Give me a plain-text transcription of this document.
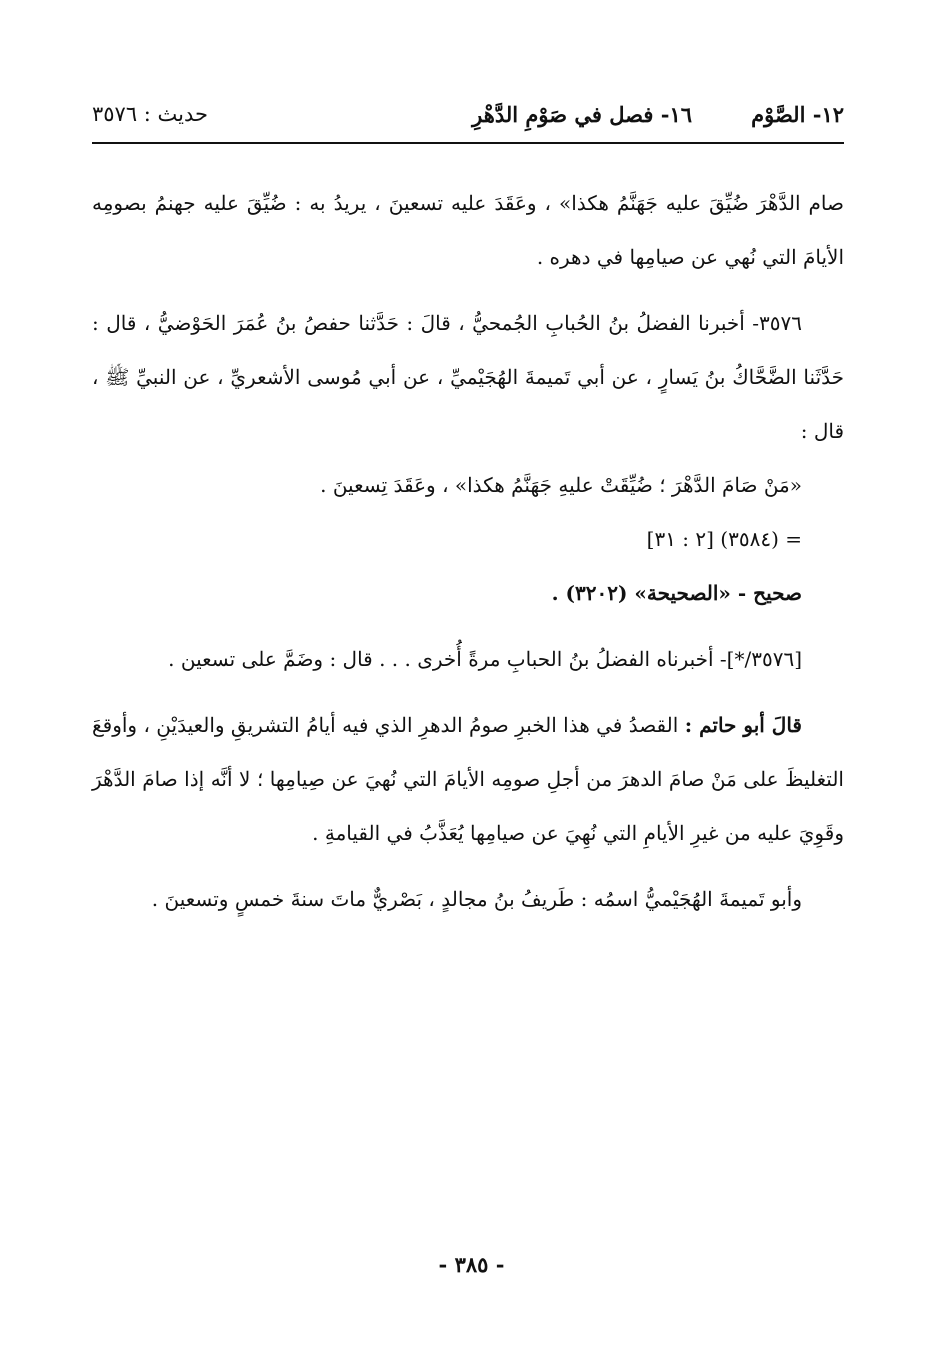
١٢- الصَّوْم
١٦- فصل في صَوْمِ الدَّهْرِ
حديث : ٣٥٧٦

صام الدَّهْرَ ضُيِّقَ عليه جَهَنَّمُ هكذا» ، وعَقَدَ عليه تسعينَ ، يريدُ به : ضُيِّقَ عليه جهنمُ بصومِه الأيامَ التي نُهي عن صيامِها في دهره .

٣٥٧٦- أخبرنا الفضلُ بنُ الحُبابِ الجُمحيُّ ، قالَ : حَدَّثنا حفصُ بنُ عُمَرَ الحَوْضيُّ ، قال : حَدَّثَنا الضَّحَّاكُ بنُ يَسارٍ ، عن أبي تَميمةَ الهُجَيْميِّ ، عن أبي مُوسى الأشعريِّ ، عن النبيِّ ﷺ ، قال :

«مَنْ صَامَ الدَّهْرَ ؛ ضُيِّقَتْ عليهِ جَهَنَّمُ هكذا» ، وعَقَدَ تِسعينَ .

= (٣٥٨٤) [٢ : ٣١]

صحيح - «الصحيحة» (٣٢٠٢) .

[٣٥٧٦/*]- أخبرناه الفضلُ بنُ الحبابِ مرةً أُخرى . . . قال : وضَمَّ على تسعين .

قالَ أبو حاتم : القصدُ في هذا الخبرِ صومُ الدهرِ الذي فيه أيامُ التشريقِ والعيدَيْنِ ، وأوقعَ التغليظَ على مَنْ صامَ الدهرَ من أجلِ صومِه الأيامَ التي نُهيَ عن صِيامِها ؛ لا أنَّه إذا صامَ الدَّهْرَ وقَوِيَ عليه من غيرِ الأيامِ التي نُهِيَ عن صيامِها يُعَذَّبُ في القيامةِ .

وأبو تَميمةَ الهُجَيْميُّ اسمُه : طَريفُ بنُ مجالدٍ ، بَصْريٌّ ماتَ سنةَ خمسٍ وتسعينَ .

- ٣٨٥ -
